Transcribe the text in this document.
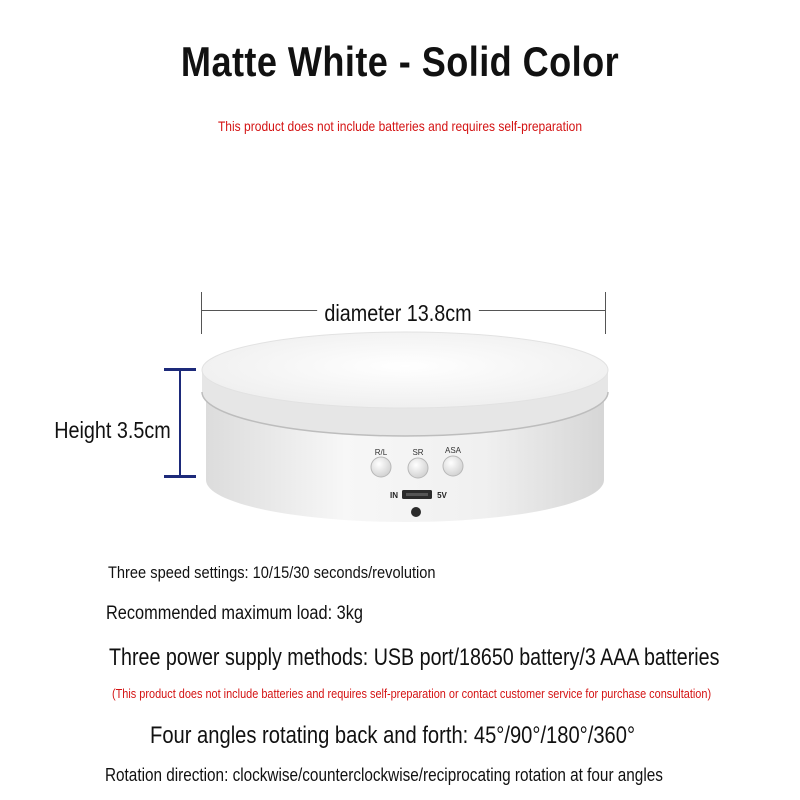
Matte White - Solid Color
This product does not include batteries and requires self-preparation
R/L	SR	ASA
IN	5V
diameter 13.8cm
Height 3.5cm
Three speed settings: 10/15/30 seconds/revolution
Recommended maximum load: 3kg
Three power supply methods: USB port/18650 battery/3 AAA batteries
(This product does not include batteries and requires self-preparation or contact customer service for purchase consultation)
Four angles rotating back and forth: 45°/90°/180°/360°
Rotation direction: clockwise/counterclockwise/reciprocating rotation at four angles
